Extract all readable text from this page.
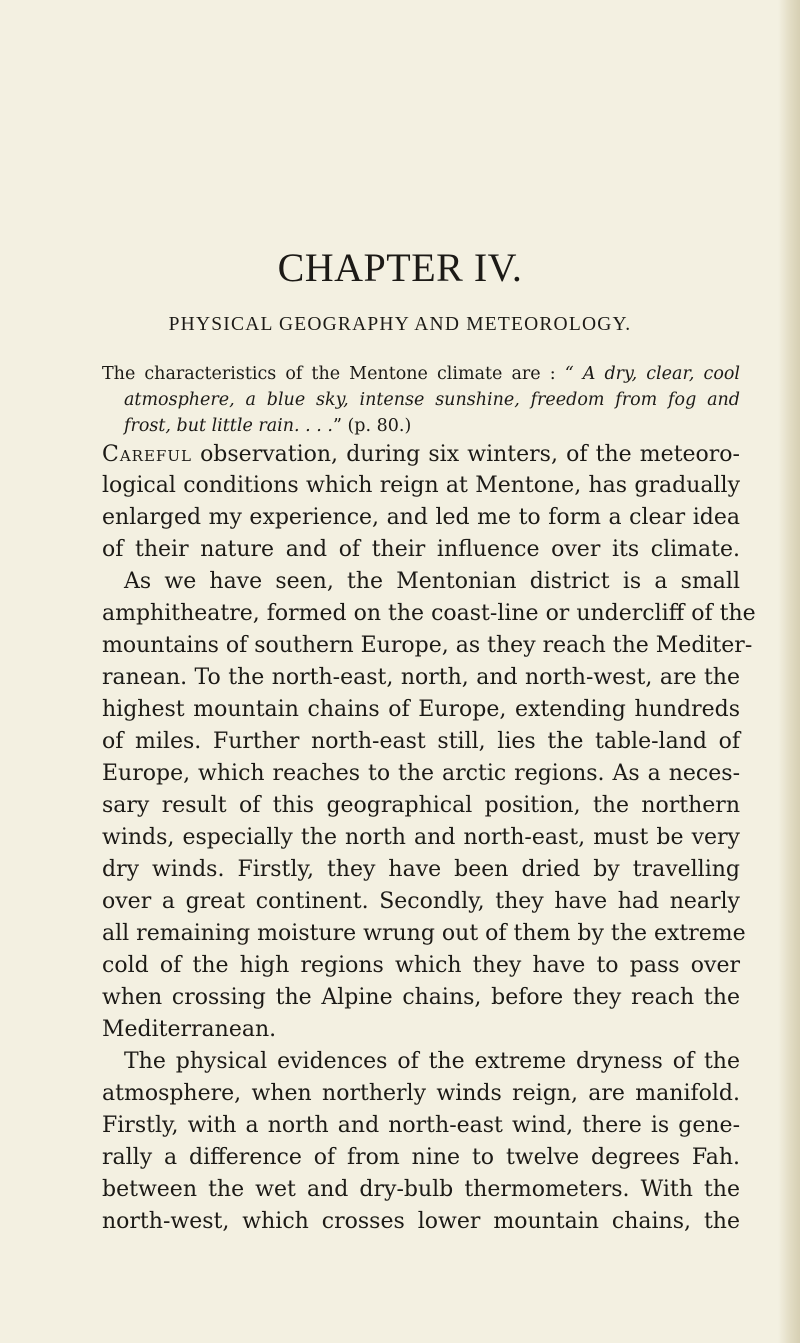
CHAPTER IV.
PHYSICAL GEOGRAPHY AND METEOROLOGY.
The characteristics of the Mentone climate are : “ A dry, clear, cool
atmosphere, a blue sky, intense sunshine, freedom from fog and
frost, but little rain. . . .” (p. 80.)
Careful observation, during six winters, of the meteoro-
logical conditions which reign at Mentone, has gradually
enlarged my experience, and led me to form a clear idea
of their nature and of their influence over its climate.
As we have seen, the Mentonian district is a small
amphitheatre, formed on the coast-line or undercliff of the
mountains of southern Europe, as they reach the Mediter-
ranean. To the north-east, north, and north-west, are the
highest mountain chains of Europe, extending hundreds
of miles. Further north-east still, lies the table-land of
Europe, which reaches to the arctic regions. As a neces-
sary result of this geographical position, the northern
winds, especially the north and north-east, must be very
dry winds. Firstly, they have been dried by travelling
over a great continent. Secondly, they have had nearly
all remaining moisture wrung out of them by the extreme
cold of the high regions which they have to pass over
when crossing the Alpine chains, before they reach the
Mediterranean.
The physical evidences of the extreme dryness of the
atmosphere, when northerly winds reign, are manifold.
Firstly, with a north and north-east wind, there is gene-
rally a difference of from nine to twelve degrees Fah.
between the wet and dry-bulb thermometers. With the
north-west, which crosses lower mountain chains, the
